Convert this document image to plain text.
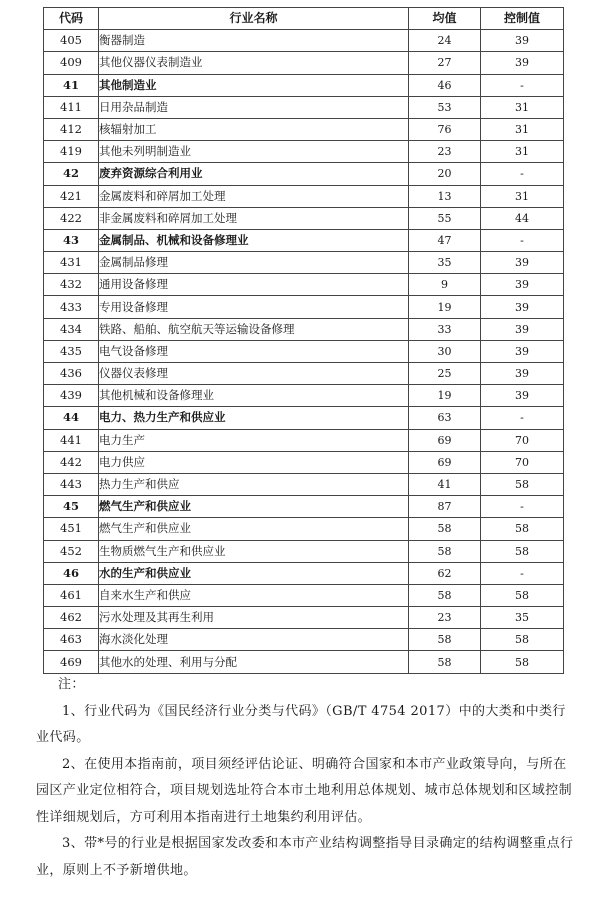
代码	行业名称	均值	控制值
405	衡器制造	24	39
409	其他仪器仪表制造业	27	39
41	其他制造业	46	-
411	日用杂品制造	53	31
412	核辐射加工	76	31
419	其他未列明制造业	23	31
42	废弃资源综合利用业	20	-
421	金属废料和碎屑加工处理	13	31
422	非金属废料和碎屑加工处理	55	44
43	金属制品、机械和设备修理业	47	-
431	金属制品修理	35	39
432	通用设备修理	9	39
433	专用设备修理	19	39
434	铁路、船舶、航空航天等运输设备修理	33	39
435	电气设备修理	30	39
436	仪器仪表修理	25	39
439	其他机械和设备修理业	19	39
44	电力、热力生产和供应业	63	-
441	电力生产	69	70
442	电力供应	69	70
443	热力生产和供应	41	58
45	燃气生产和供应业	87	-
451	燃气生产和供应业	58	58
452	生物质燃气生产和供应业	58	58
46	水的生产和供应业	62	-
461	自来水生产和供应	58	58
462	污水处理及其再生利用	23	35
463	海水淡化处理	58	58
469	其他水的处理、利用与分配	58	58

注：

1、行业代码为《国民经济行业分类与代码》（GB/T 4754 2017）中的大类和中类行业代码。

2、在使用本指南前，项目须经评估论证、明确符合国家和本市产业政策导向，与所在园区产业定位相符合，项目规划选址符合本市土地利用总体规划、城市总体规划和区域控制性详细规划后，方可利用本指南进行土地集约利用评估。

3、带*号的行业是根据国家发改委和本市产业结构调整指导目录确定的结构调整重点行业，原则上不予新增供地。
